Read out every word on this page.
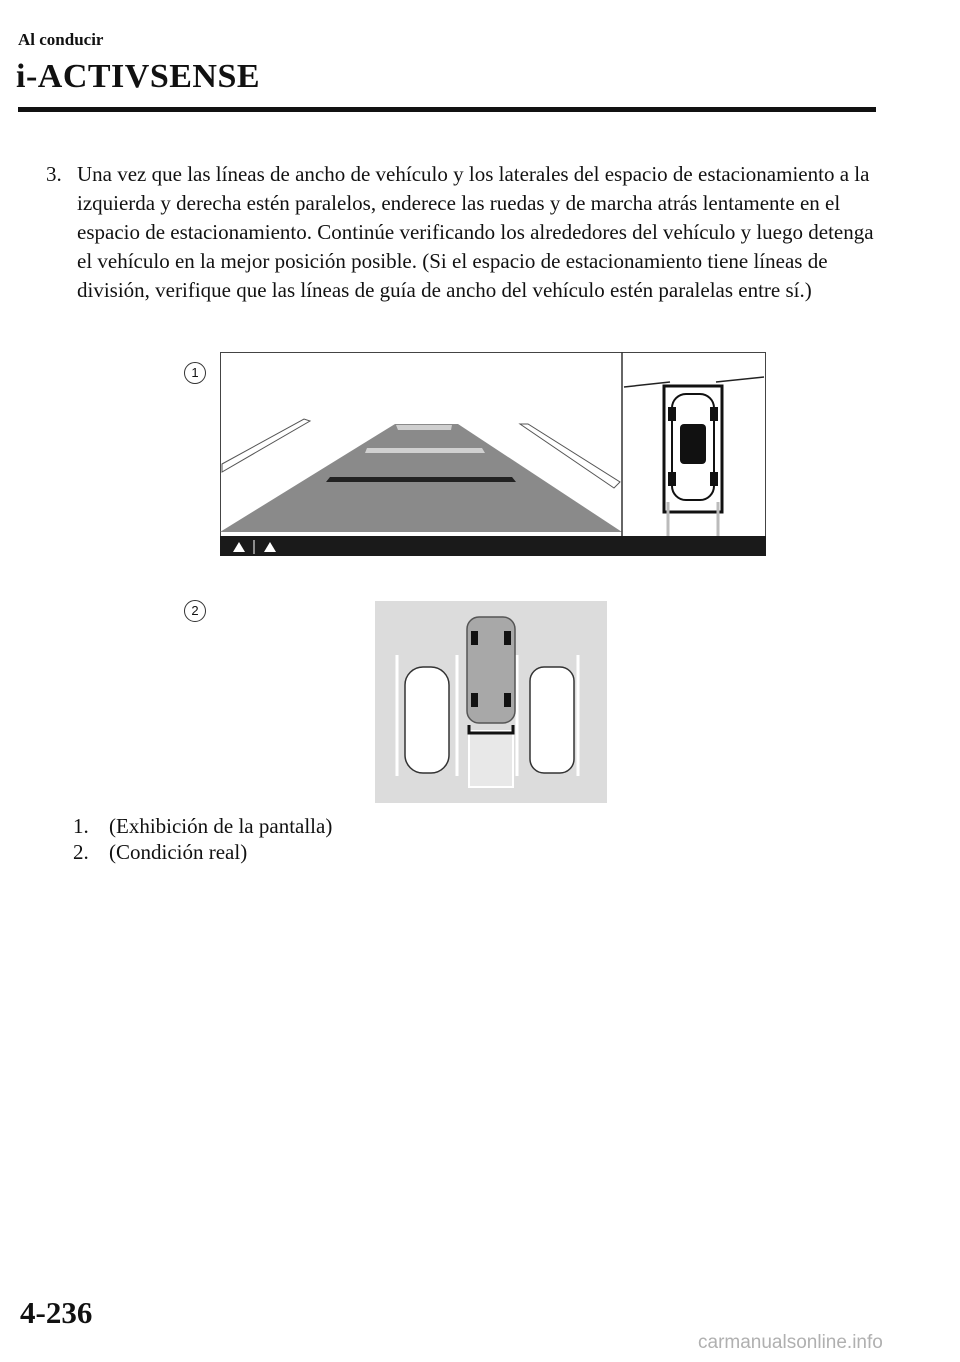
Al conducir
i-ACTIVSENSE
3. Una vez que las líneas de ancho de vehículo y los laterales del espacio de estacionamiento a la izquierda y derecha estén paralelos, enderece las ruedas y de marcha atrás lentamente en el espacio de estacionamiento. Continúe verificando los alrededores del vehículo y luego detenga el vehículo en la mejor posición posible. (Si el espacio de estacionamiento tiene líneas de división, verifique que las líneas de guía de ancho del vehículo estén paralelas entre sí.)
1
2
1. (Exhibición de la pantalla)
2. (Condición real)
4-236
carmanualsonline.info
